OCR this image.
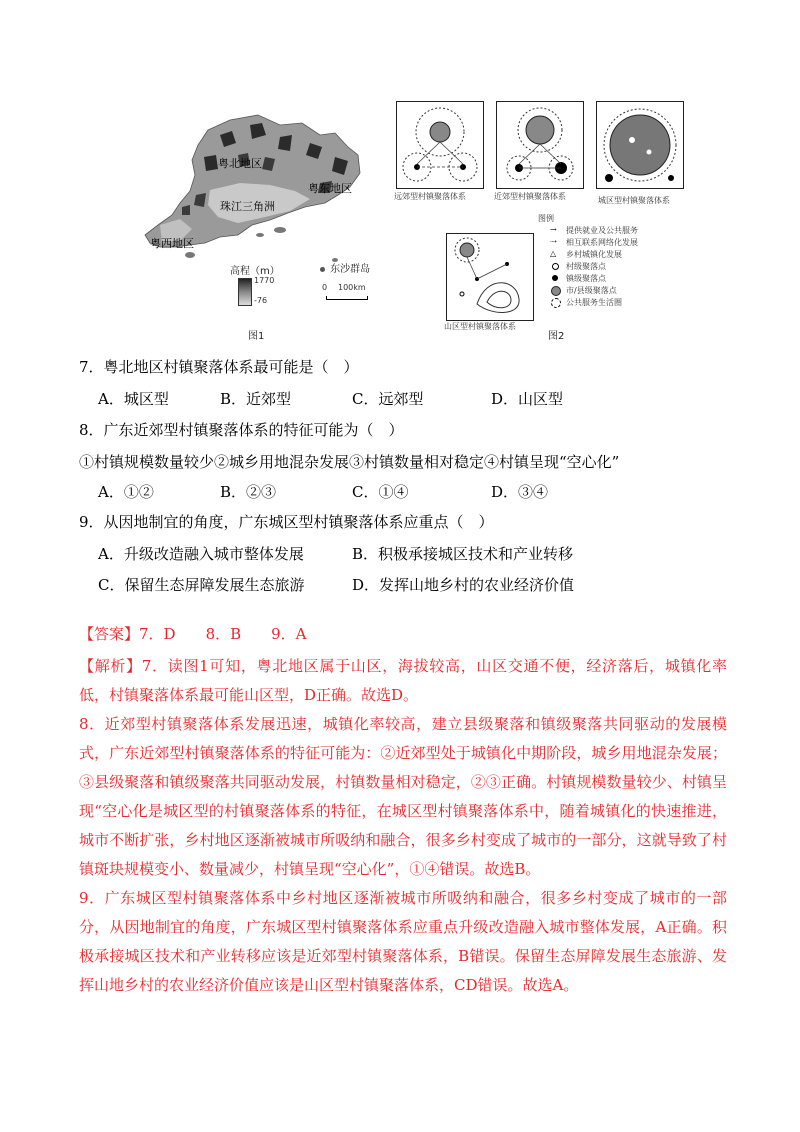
粤北地区
珠江三角洲
粤东地区
粤西地区
高程（m）
1770
-76
东沙群岛
0 100km
图1
远郊型村镇聚落体系	近郊型村镇聚落体系	城区型村镇聚落体系
山区型村镇聚落体系
图例
→ 提供就业及公共服务
⇢ 相互联系网络化发展
△ 乡村城镇化发展
村级聚落点
镇级聚落点
市/县级聚落点
公共服务生活圈
图2
7．粤北地区村镇聚落体系最可能是（　）
A．城区型	B．近郊型	C．远郊型	D．山区型
8．广东近郊型村镇聚落体系的特征可能为（　）
①村镇规模数量较少②城乡用地混杂发展③村镇数量相对稳定④村镇呈现“空心化”
A．①②	B．②③	C．①④	D．③④
9．从因地制宜的角度，广东城区型村镇聚落体系应重点（　）
A．升级改造融入城市整体发展	B．积极承接城区技术和产业转移
C．保留生态屏障发展生态旅游	D．发挥山地乡村的农业经济价值
【答案】7．D　　8．B　　9．A

【解析】7．读图1可知，粤北地区属于山区，海拔较高，山区交通不便，经济落后，城镇化率低，村镇聚落体系最可能山区型，D正确。故选D。

8．近郊型村镇聚落体系发展迅速，城镇化率较高，建立县级聚落和镇级聚落共同驱动的发展模式，广东近郊型村镇聚落体系的特征可能为：②近郊型处于城镇化中期阶段，城乡用地混杂发展；③县级聚落和镇级聚落共同驱动发展，村镇数量相对稳定，②③正确。村镇规模数量较少、村镇呈现“空心化是城区型的村镇聚落体系的特征，在城区型村镇聚落体系中，随着城镇化的快速推进，城市不断扩张，乡村地区逐渐被城市所吸纳和融合，很多乡村变成了城市的一部分，这就导致了村镇斑块规模变小、数量减少，村镇呈现“空心化”，①④错误。故选B。

9．广东城区型村镇聚落体系中乡村地区逐渐被城市所吸纳和融合，很多乡村变成了城市的一部分，从因地制宜的角度，广东城区型村镇聚落体系应重点升级改造融入城市整体发展，A正确。积极承接城区技术和产业转移应该是近郊型村镇聚落体系，B错误。保留生态屏障发展生态旅游、发挥山地乡村的农业经济价值应该是山区型村镇聚落体系，CD错误。故选A。
